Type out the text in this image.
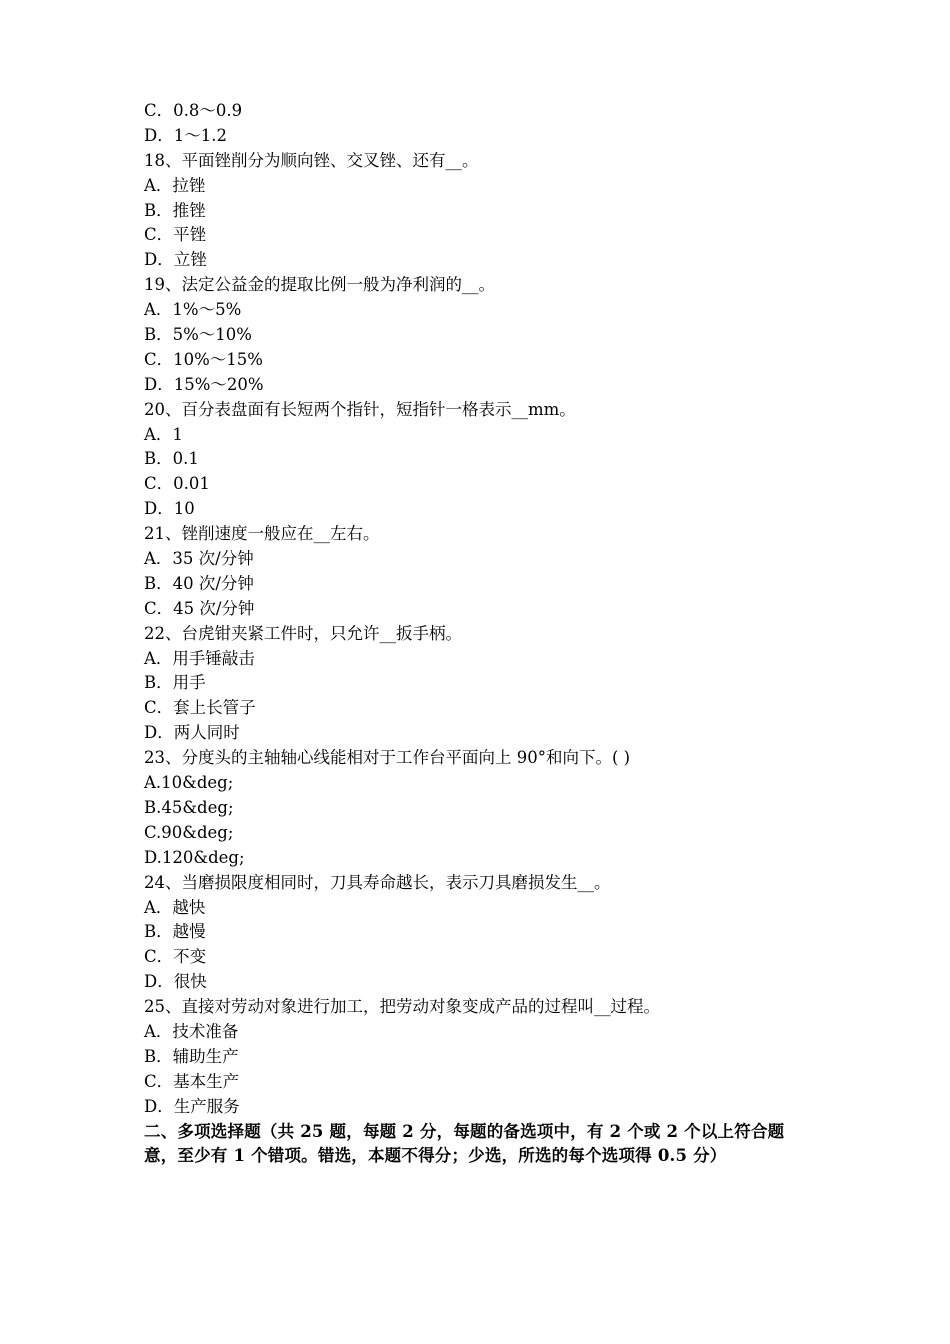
C．0.8～0.9
D．1～1.2
18、平面锉削分为顺向锉、交叉锉、还有__。
A．拉锉
B．推锉
C．平锉
D．立锉
19、法定公益金的提取比例一般为净利润的__。
A．1%～5%
B．5%～10%
C．10%～15%
D．15%～20%
20、百分表盘面有长短两个指针，短指针一格表示__mm。
A．1
B．0.1
C．0.01
D．10
21、锉削速度一般应在__左右。
A．35 次/分钟
B．40 次/分钟
C．45 次/分钟
22、台虎钳夹紧工件时，只允许__扳手柄。
A．用手锤敲击
B．用手
C．套上长管子
D．两人同时
23、分度头的主轴轴心线能相对于工作台平面向上 90°和向下。( )
A.10&deg;
B.45&deg;
C.90&deg;
D.120&deg;
24、当磨损限度相同时，刀具寿命越长，表示刀具磨损发生__。
A．越快
B．越慢
C．不变
D．很快
25、直接对劳动对象进行加工，把劳动对象变成产品的过程叫__过程。
A．技术准备
B．辅助生产
C．基本生产
D．生产服务
二、多项选择题（共 25 题，每题 2 分，每题的备选项中，有 2 个或 2 个以上符合题意，至少有 1 个错项。错选，本题不得分；少选，所选的每个选项得 0.5 分）
